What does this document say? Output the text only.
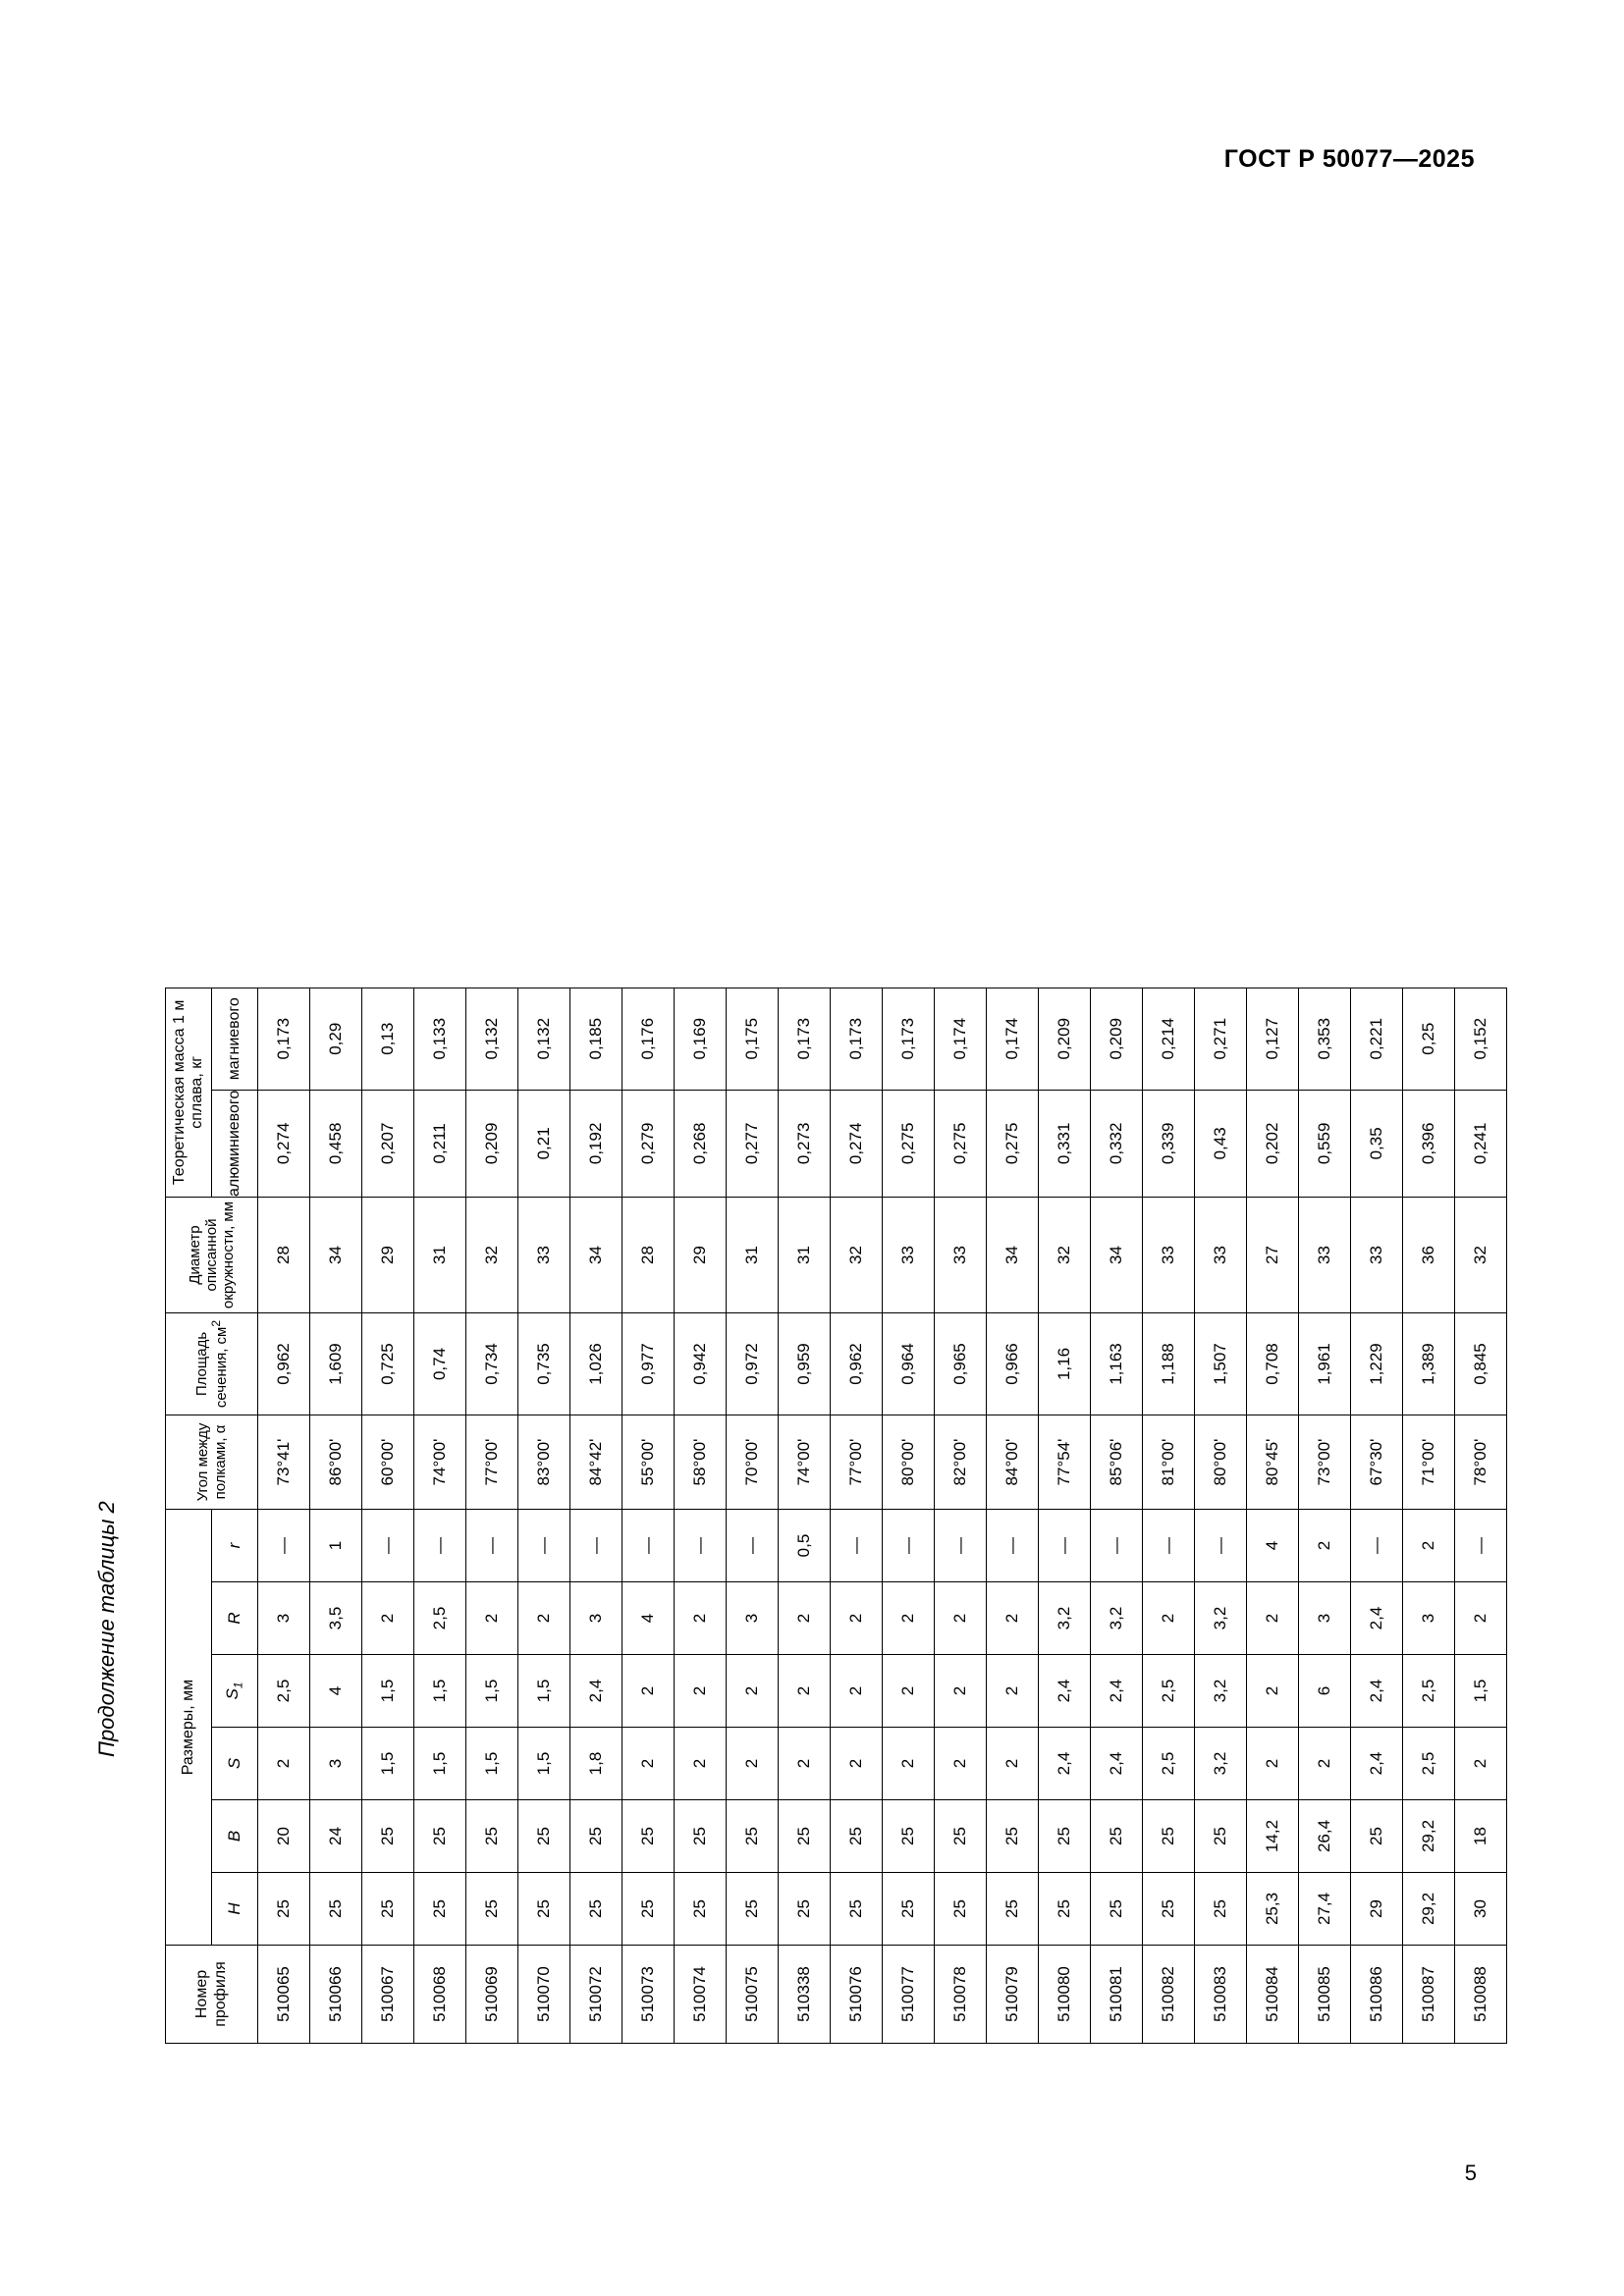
ГОСТ Р 50077—2025
Продолжение таблицы 2
Номер профиля	Размеры, мм						Угол между полками, α	Площадь сечения, $см^2$	Диаметр описанной окружности, мм	Теоретическая масса 1 м сплава, кг	
	H	B	S	$S_1$	R	r				алюминиевого	магниевого

510065	25	20	2	2,5	3	—	73°41'	0,962	28	0,274	0,173
510066	25	24	3	4	3,5	1	86°00'	1,609	34	0,458	0,29
510067	25	25	1,5	1,5	2	—	60°00'	0,725	29	0,207	0,13
510068	25	25	1,5	1,5	2,5	—	74°00'	0,74	31	0,211	0,133
510069	25	25	1,5	1,5	2	—	77°00'	0,734	32	0,209	0,132
510070	25	25	1,5	1,5	2	—	83°00'	0,735	33	0,21	0,132
510072	25	25	1,8	2,4	3	—	84°42'	1,026	34	0,192	0,185
510073	25	25	2	2	4	—	55°00'	0,977	28	0,279	0,176
510074	25	25	2	2	2	—	58°00'	0,942	29	0,268	0,169
510075	25	25	2	2	3	—	70°00'	0,972	31	0,277	0,175
510338	25	25	2	2	2	0,5	74°00'	0,959	31	0,273	0,173
510076	25	25	2	2	2	—	77°00'	0,962	32	0,274	0,173
510077	25	25	2	2	2	—	80°00'	0,964	33	0,275	0,173
510078	25	25	2	2	2	—	82°00'	0,965	33	0,275	0,174
510079	25	25	2	2	2	—	84°00'	0,966	34	0,275	0,174
510080	25	25	2,4	2,4	3,2	—	77°54'	1,16	32	0,331	0,209
510081	25	25	2,4	2,4	3,2	—	85°06'	1,163	34	0,332	0,209
510082	25	25	2,5	2,5	2	—	81°00'	1,188	33	0,339	0,214
510083	25	25	3,2	3,2	3,2	—	80°00'	1,507	33	0,43	0,271
510084	25,3	14,2	2	2	2	4	80°45'	0,708	27	0,202	0,127
510085	27,4	26,4	2	6	3	2	73°00'	1,961	33	0,559	0,353
510086	29	25	2,4	2,4	2,4	—	67°30'	1,229	33	0,35	0,221
510087	29,2	29,2	2,5	2,5	3	2	71°00'	1,389	36	0,396	0,25
510088	30	18	2	1,5	2	—	78°00'	0,845	32	0,241	0,152
5
